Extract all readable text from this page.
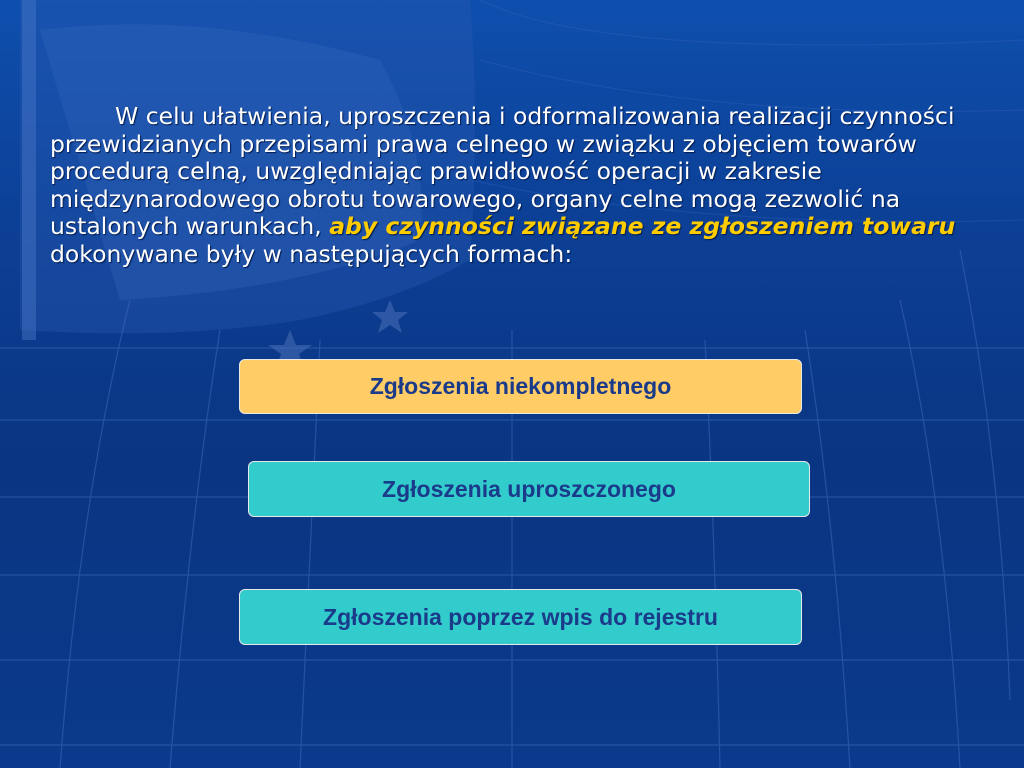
W celu ułatwienia, uproszczenia i odformalizowania realizacji czynności przewidzianych przepisami prawa celnego w związku z objęciem towarów procedurą celną, uwzględniając prawidłowość operacji w zakresie międzynarodowego obrotu towarowego, organy celne mogą zezwolić na ustalonych warunkach, aby czynności związane ze zgłoszeniem towaru dokonywane były w następujących formach:
Zgłoszenia niekompletnego
Zgłoszenia uproszczonego
Zgłoszenia poprzez wpis do rejestru
